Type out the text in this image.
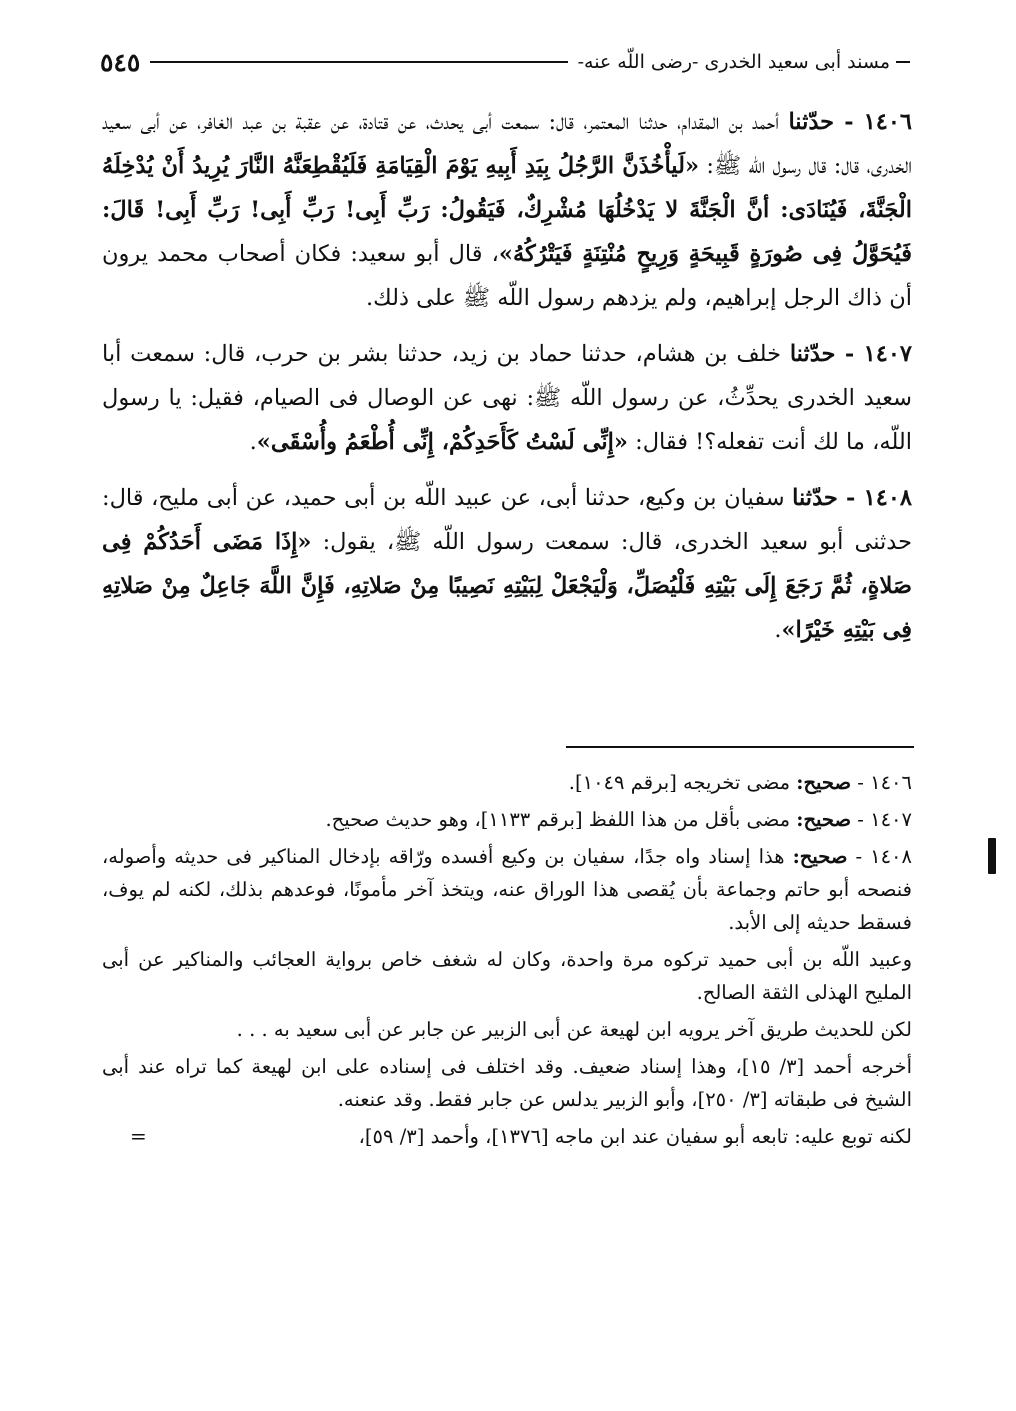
مسند أبى سعيد الخدرى -رضى اللّه عنه-
٥٤٥

١٤٠٦ - حدّثنا أحمد بن المقدام، حدثنا المعتمر، قال: سمعت أبى يحدث، عن قتادة، عن عقبة بن عبد الغافر، عن أبى سعيد الخدرى، قال: قال رسول اللّه ﷺ: «لَيأْخُذَنَّ الرَّجُلُ بِيَدِ أَبِيهِ يَوْمَ الْقِيَامَةِ فَلَيُقْطِعَنَّهُ النَّارَ يُرِيدُ أَنْ يُدْخِلَهُ الْجَنَّةَ، فَيُنَادَى: أنَّ الْجَنَّةَ لا يَدْخُلُهَا مُشْرِكٌ، فَيَقُولُ: رَبِّ أَبِى! رَبِّ أَبِى! رَبِّ أَبِى! قَالَ: فَيُحَوَّلُ فِى صُورَةٍ قَبِيحَةٍ وَرِيحٍ مُنْتِنَةٍ فَيَتْرُكُهُ»، قال أبو سعيد: فكان أصحاب محمد يرون أن ذاك الرجل إبراهيم، ولم يزدهم رسول اللّه ﷺ على ذلك.

١٤٠٧ - حدّثنا خلف بن هشام، حدثنا حماد بن زيد، حدثنا بشر بن حرب، قال: سمعت أبا سعيد الخدرى يحدِّثُ، عن رسول اللّه ﷺ: نهى عن الوصال فى الصيام، فقيل: يا رسول اللّه، ما لك أنت تفعله؟! فقال: «إِنِّى لَسْتُ كَأَحَدِكُمْ، إِنِّى أُطْعَمُ وأُسْقَى».

١٤٠٨ - حدّثنا سفيان بن وكيع، حدثنا أبى، عن عبيد اللّه بن أبى حميد، عن أبى مليح، قال: حدثنى أبو سعيد الخدرى، قال: سمعت رسول اللّه ﷺ، يقول: «إِذَا مَضَى أَحَدُكُمْ فِى صَلاةٍ، ثُمَّ رَجَعَ إِلَى بَيْتِهِ فَلْيُصَلِّ، وَلْيَجْعَلْ لِبَيْتِهِ نَصِيبًا مِنْ صَلاتِهِ، فَإِنَّ اللَّهَ جَاعِلٌ مِنْ صَلاتِهِ فِى بَيْتِهِ خَيْرًا».

١٤٠٦ - صحيح: مضى تخريجه [برقم ١٠٤٩].

١٤٠٧ - صحيح: مضى بأقل من هذا اللفظ [برقم ١١٣٣]، وهو حديث صحيح.

١٤٠٨ - صحيح: هذا إسناد واه جدًا، سفيان بن وكيع أفسده ورّاقه بإدخال المناكير فى حديثه وأصوله، فنصحه أبو حاتم وجماعة بأن يُقصى هذا الوراق عنه، ويتخذ آخر مأمونًا، فوعدهم بذلك، لكنه لم يوف، فسقط حديثه إلى الأبد.

وعبيد اللّه بن أبى حميد تركوه مرة واحدة، وكان له شغف خاص برواية العجائب والمناكير عن أبى المليح الهذلى الثقة الصالح.

لكن للحديث طريق آخر يرويه ابن لهيعة عن أبى الزبير عن جابر عن أبى سعيد به . . .

أخرجه أحمد [٣/ ١٥]، وهذا إسناد ضعيف. وقد اختلف فى إسناده على ابن لهيعة كما تراه عند أبى الشيخ فى طبقاته [٣/ ٢٥٠]، وأبو الزبير يدلس عن جابر فقط. وقد عنعنه.

لكنه توبع عليه: تابعه أبو سفيان عند ابن ماجه [١٣٧٦]، وأحمد [٣/ ٥٩]،
=
